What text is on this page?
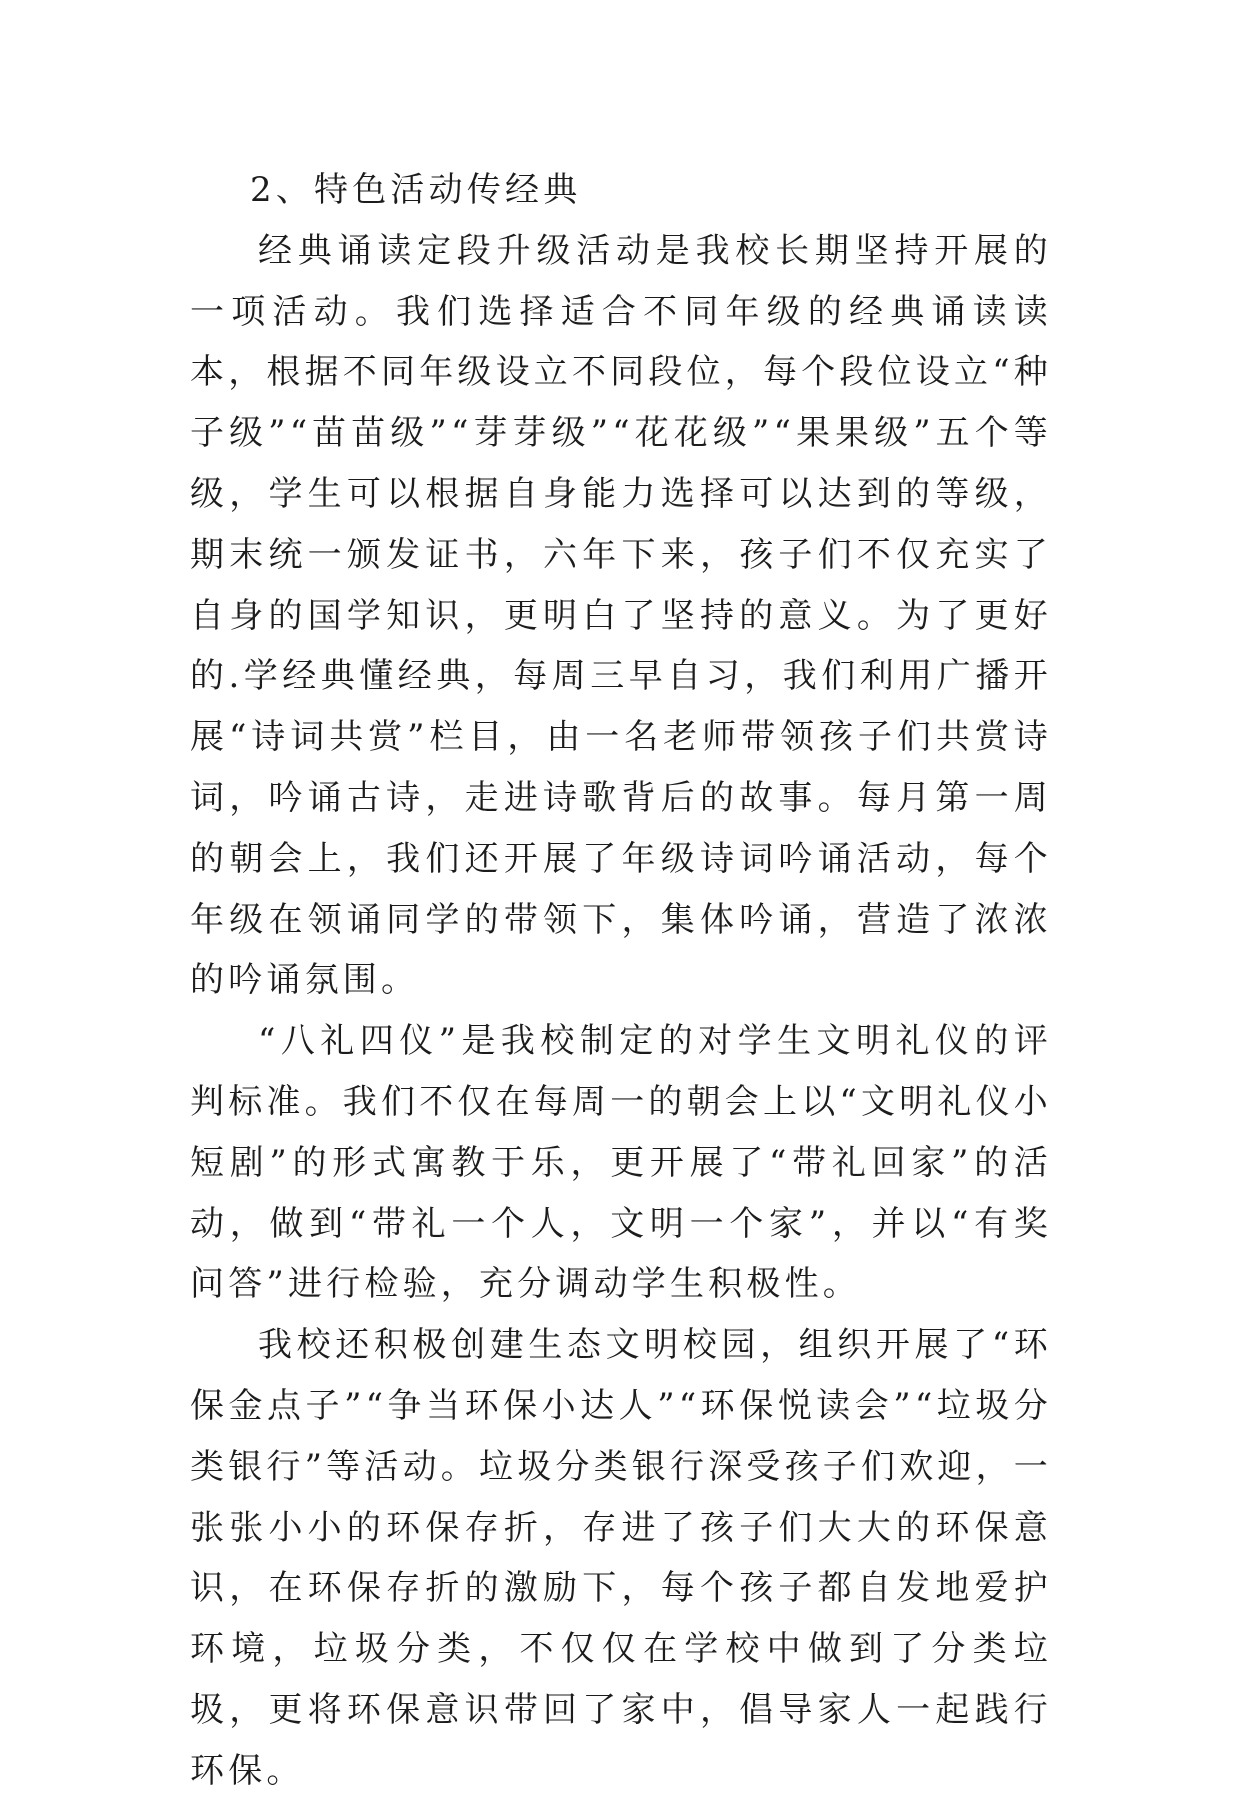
2、特色活动传经典

经典诵读定段升级活动是我校长期坚持开展的一项活动。我们选择适合不同年级的经典诵读读本，根据不同年级设立不同段位，每个段位设立“种子级”“苗苗级”“芽芽级”“花花级”“果果级”五个等级，学生可以根据自身能力选择可以达到的等级，期末统一颁发证书，六年下来，孩子们不仅充实了自身的国学知识，更明白了坚持的意义。为了更好的.学经典懂经典，每周三早自习，我们利用广播开展“诗词共赏”栏目，由一名老师带领孩子们共赏诗词，吟诵古诗，走进诗歌背后的故事。每月第一周的朝会上，我们还开展了年级诗词吟诵活动，每个年级在领诵同学的带领下，集体吟诵，营造了浓浓的吟诵氛围。

“八礼四仪”是我校制定的对学生文明礼仪的评判标准。我们不仅在每周一的朝会上以“文明礼仪小短剧”的形式寓教于乐，更开展了“带礼回家”的活动，做到“带礼一个人，文明一个家”，并以“有奖问答”进行检验，充分调动学生积极性。

我校还积极创建生态文明校园，组织开展了“环保金点子”“争当环保小达人”“环保悦读会”“垃圾分类银行”等活动。垃圾分类银行深受孩子们欢迎，一张张小小的环保存折，存进了孩子们大大的环保意识，在环保存折的激励下，每个孩子都自发地爱护环境，垃圾分类，不仅仅在学校中做到了分类垃圾，更将环保意识带回了家中，倡导家人一起践行环保。
